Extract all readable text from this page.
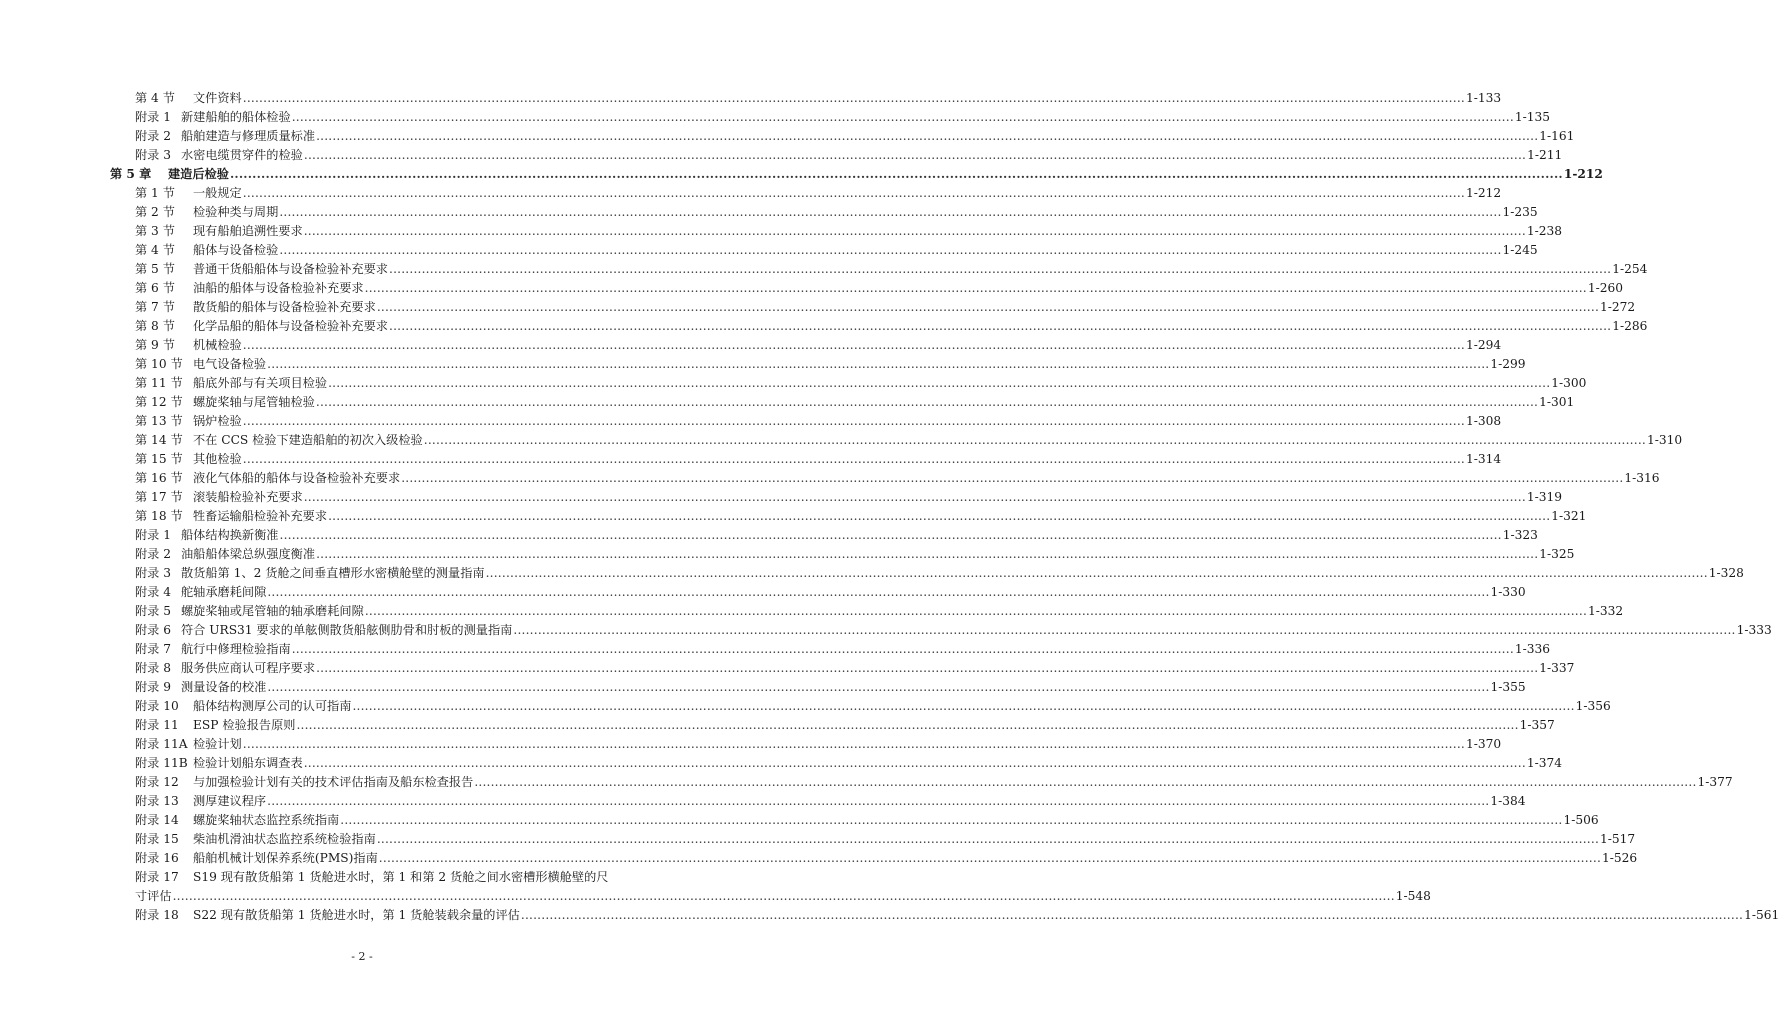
第 4 节	文件资料 ............................................................................................................................................................................................................................................................................................................ 1-133
附录 1 新建船舶的船体检验 ............................................................................................................................................................................................................................................................................................................ 1-135
附录 2 船舶建造与修理质量标准 ............................................................................................................................................................................................................................................................................................................ 1-161
附录 3 水密电缆贯穿件的检验 ............................................................................................................................................................................................................................................................................................................ 1-211
第 5 章	建造后检验 ............................................................................................................................................................................................................................................................................................................ 1-212
第 1 节	一般规定 ............................................................................................................................................................................................................................................................................................................ 1-212
第 2 节	检验种类与周期 ............................................................................................................................................................................................................................................................................................................ 1-235
第 3 节	现有船舶追溯性要求 ............................................................................................................................................................................................................................................................................................................ 1-238
第 4 节	船体与设备检验 ............................................................................................................................................................................................................................................................................................................ 1-245
第 5 节	普通干货船船体与设备检验补充要求 ............................................................................................................................................................................................................................................................................................................ 1-254
第 6 节	油船的船体与设备检验补充要求 ............................................................................................................................................................................................................................................................................................................ 1-260
第 7 节	散货船的船体与设备检验补充要求 ............................................................................................................................................................................................................................................................................................................ 1-272
第 8 节	化学品船的船体与设备检验补充要求 ............................................................................................................................................................................................................................................................................................................ 1-286
第 9 节	机械检验 ............................................................................................................................................................................................................................................................................................................ 1-294
第 10 节 电气设备检验 ............................................................................................................................................................................................................................................................................................................ 1-299
第 11 节 船底外部与有关项目检验 ............................................................................................................................................................................................................................................................................................................ 1-300
第 12 节 螺旋桨轴与尾管轴检验 ............................................................................................................................................................................................................................................................................................................ 1-301
第 13 节 锅炉检验 ............................................................................................................................................................................................................................................................................................................ 1-308
第 14 节 不在 CCS 检验下建造船舶的初次入级检验 ............................................................................................................................................................................................................................................................................................................ 1-310
第 15 节 其他检验 ............................................................................................................................................................................................................................................................................................................ 1-314
第 16 节 液化气体船的船体与设备检验补充要求 ............................................................................................................................................................................................................................................................................................................ 1-316
第 17 节 滚装船检验补充要求 ............................................................................................................................................................................................................................................................................................................ 1-319
第 18 节 牲畜运输船检验补充要求 ............................................................................................................................................................................................................................................................................................................ 1-321
附录 1 船体结构换新衡准 ............................................................................................................................................................................................................................................................................................................ 1-323
附录 2 油船船体梁总纵强度衡准 ............................................................................................................................................................................................................................................................................................................ 1-325
附录 3 散货船第 1、2 货舱之间垂直槽形水密横舱壁的测量指南 ............................................................................................................................................................................................................................................................................................................ 1-328
附录 4 舵轴承磨耗间隙 ............................................................................................................................................................................................................................................................................................................ 1-330
附录 5 螺旋桨轴或尾管轴的轴承磨耗间隙 ............................................................................................................................................................................................................................................................................................................ 1-332
附录 6 符合 URS31 要求的单舷侧散货船舷侧肋骨和肘板的测量指南 ............................................................................................................................................................................................................................................................................................................ 1-333
附录 7 航行中修理检验指南 ............................................................................................................................................................................................................................................................................................................ 1-336
附录 8 服务供应商认可程序要求 ............................................................................................................................................................................................................................................................................................................ 1-337
附录 9 测量设备的校准 ............................................................................................................................................................................................................................................................................................................ 1-355
附录 10	船体结构测厚公司的认可指南 ............................................................................................................................................................................................................................................................................................................ 1-356
附录 11	ESP 检验报告原则 ............................................................................................................................................................................................................................................................................................................ 1-357
附录 11A 检验计划 ............................................................................................................................................................................................................................................................................................................ 1-370
附录 11B 检验计划船东调查表 ............................................................................................................................................................................................................................................................................................................ 1-374
附录 12	与加强检验计划有关的技术评估指南及船东检查报告 ............................................................................................................................................................................................................................................................................................................ 1-377
附录 13	测厚建议程序 ............................................................................................................................................................................................................................................................................................................ 1-384
附录 14	螺旋桨轴状态监控系统指南 ............................................................................................................................................................................................................................................................................................................ 1-506
附录 15	柴油机滑油状态监控系统检验指南 ............................................................................................................................................................................................................................................................................................................ 1-517
附录 16	船舶机械计划保养系统(PMS)指南 ............................................................................................................................................................................................................................................................................................................ 1-526
附录 17	S19 现有散货船第 1 货舱进水时，第 1 和第 2 货舱之间水密槽形横舱壁的尺
寸评估 ............................................................................................................................................................................................................................................................................................................ 1-548
附录 18	S22 现有散货船第 1 货舱进水时，第 1 货舱装载余量的评估 ............................................................................................................................................................................................................................................................................................................ 1-561
- 2 -
